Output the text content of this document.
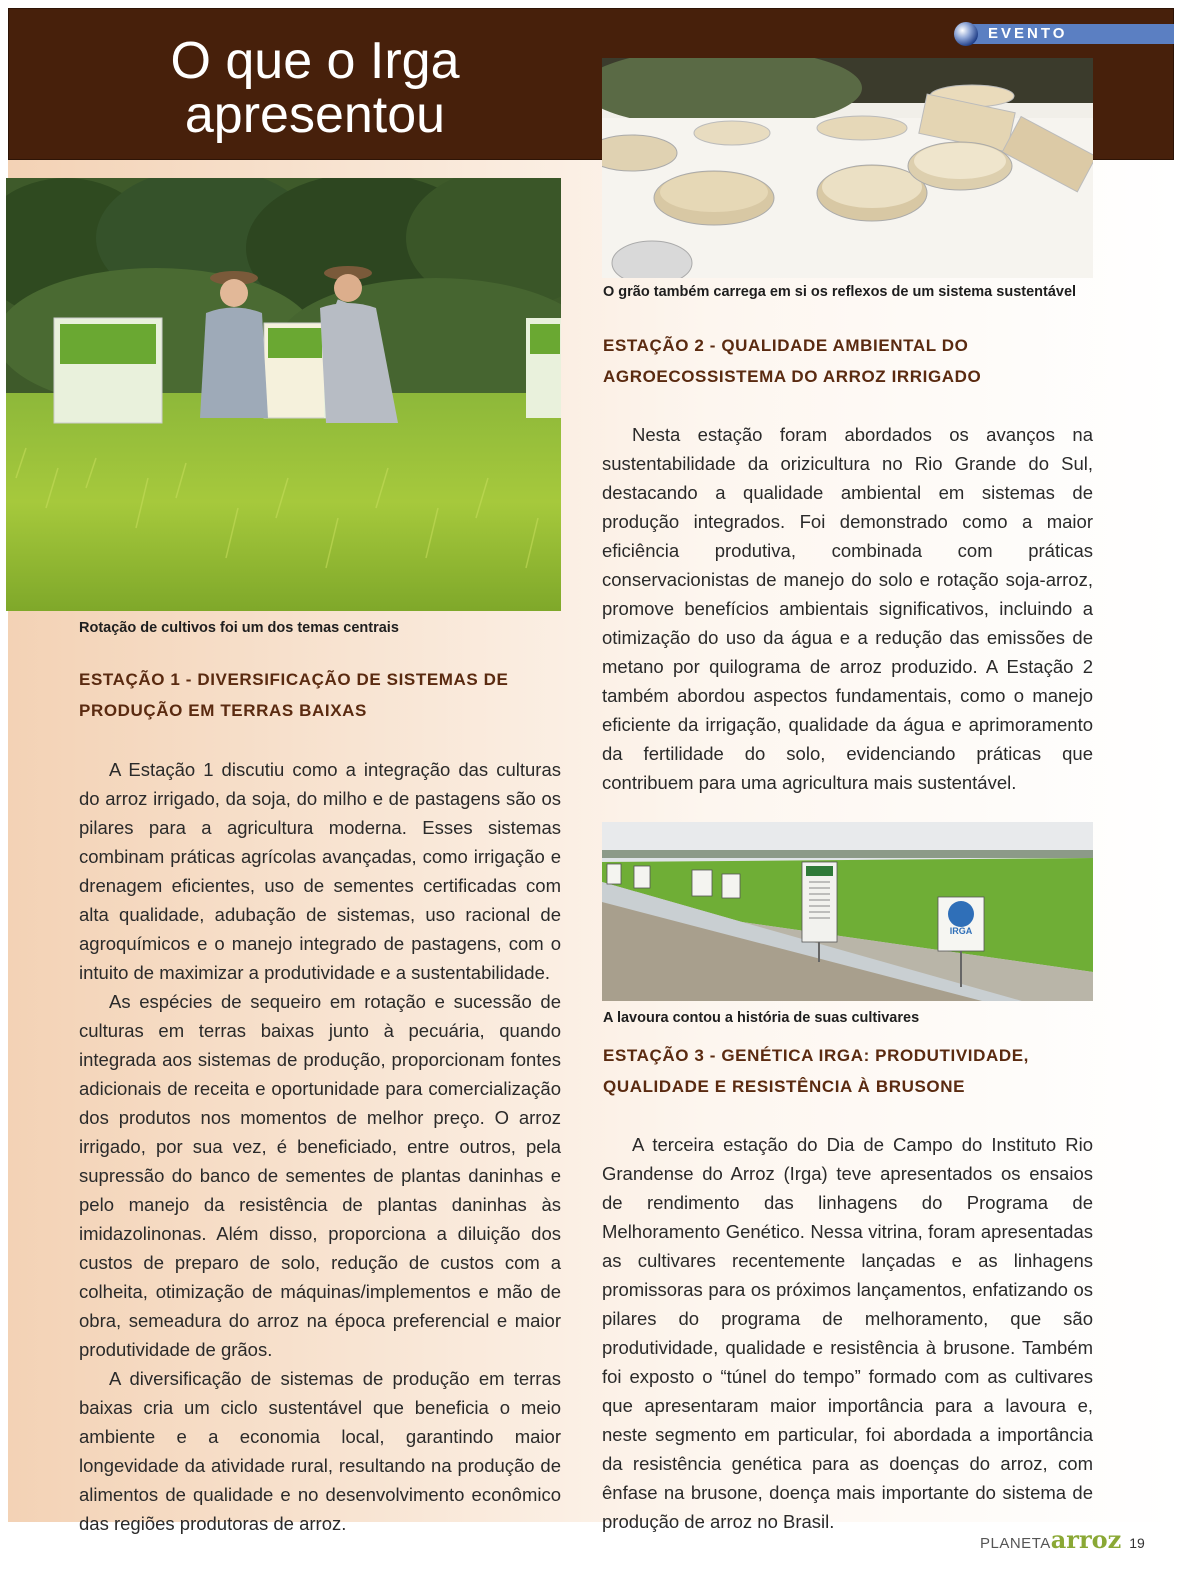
O que o Irga apresentou
EVENTO
Rotação de cultivos foi um dos temas centrais
O grão também carrega em si os reflexos de um sistema sustentável
ESTAÇÃO 1 - DIVERSIFICAÇÃO DE SISTEMAS DE
PRODUÇÃO EM TERRAS BAIXAS

A Estação 1 discutiu como a integração das culturas do arroz irrigado, da soja, do milho e de pastagens são os pilares para a agricultura moderna. Esses sistemas combinam práticas agrícolas avançadas, como irrigação e drenagem eficientes, uso de sementes certificadas com alta qualidade, adubação de sistemas, uso racional de agroquímicos e o manejo integrado de pastagens, com o intuito de maximizar a produtividade e a sustentabilidade.

As espécies de sequeiro em rotação e sucessão de culturas em terras baixas junto à pecuária, quando integrada aos sistemas de produção, proporcionam fontes adicionais de receita e oportunidade para comercialização dos produtos nos momentos de melhor preço. O arroz irrigado, por sua vez, é beneficiado, entre outros, pela supressão do banco de sementes de plantas daninhas e pelo manejo da resistência de plantas daninhas às imidazolinonas. Além disso, proporciona a diluição dos custos de preparo de solo, redução de custos com a colheita, otimização de máquinas/implementos e mão de obra, semeadura do arroz na época preferencial e maior produtividade de grãos.

A diversificação de sistemas de produção em terras baixas cria um ciclo sustentável que beneficia o meio ambiente e a economia local, garantindo maior longevidade da atividade rural, resultando na produção de alimentos de qualidade e no desenvolvimento econômico das regiões produtoras de arroz.

ESTAÇÃO 2 - QUALIDADE AMBIENTAL DO
AGROECOSSISTEMA DO ARROZ IRRIGADO

Nesta estação foram abordados os avanços na sustentabilidade da orizicultura no Rio Grande do Sul, destacando a qualidade ambiental em sistemas de produção integrados. Foi demonstrado como a maior eficiência produtiva, combinada com práticas conservacionistas de manejo do solo e rotação soja-arroz, promove benefícios ambientais significativos, incluindo a otimização do uso da água e a redução das emissões de metano por quilograma de arroz produzido. A Estação 2 também abordou aspectos fundamentais, como o manejo eficiente da irrigação, qualidade da água e aprimoramento da fertilidade do solo, evidenciando práticas que contribuem para uma agricultura mais sustentável.

IRGA
A lavoura contou a história de suas cultivares
ESTAÇÃO 3 - GENÉTICA IRGA: PRODUTIVIDADE,
QUALIDADE E RESISTÊNCIA À BRUSONE

A terceira estação do Dia de Campo do Instituto Rio Grandense do Arroz (Irga) teve apresentados os ensaios de rendimento das linhagens do Programa de Melhoramento Genético. Nessa vitrina, foram apresentadas as cultivares recentemente lançadas e as linhagens promissoras para os próximos lançamentos, enfatizando os pilares do programa de melhoramento, que são produtividade, qualidade e resistência à brusone. Também foi exposto o “túnel do tempo” formado com as cultivares que apresentaram maior importância para a lavoura e, neste segmento em particular, foi abordada a importância da resistência genética para as doenças do arroz, com ênfase na brusone, doença mais importante do sistema de produção de arroz no Brasil.

PLANETAarroz 19
